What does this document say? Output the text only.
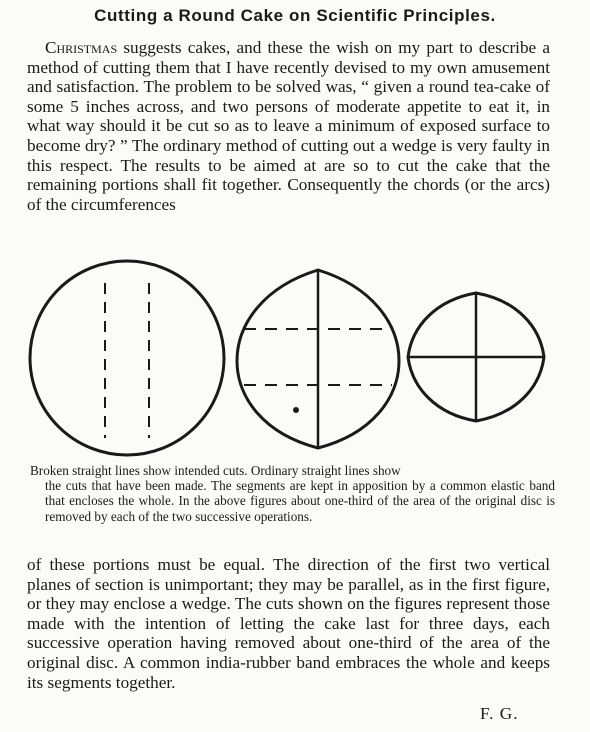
Cutting a Round Cake on Scientific Principles.

Christmas suggests cakes, and these the wish on my part to describe a method of cutting them that I have recently devised to my own amusement and satisfaction. The problem to be solved was, “ given a round tea-cake of some 5 inches across, and two persons of moderate appetite to eat it, in what way should it be cut so as to leave a minimum of exposed surface to become dry? ” The ordinary method of cutting out a wedge is very faulty in this respect. The results to be aimed at are so to cut the cake that the remaining portions shall fit together. Consequently the chords (or the arcs) of the circumferences

Broken straight lines show intended cuts. Ordinary straight lines show
the cuts that have been made. The segments are kept in apposition by a common elastic band that encloses the whole. In the above figures about one-third of the area of the original disc is removed by each of the two successive operations.

of these portions must be equal. The direction of the first two vertical planes of section is unimportant; they may be parallel, as in the first figure, or they may enclose a wedge. The cuts shown on the figures represent those made with the intention of letting the cake last for three days, each successive operation having removed about one-third of the area of the original disc. A common india-rubber band embraces the whole and keeps its segments together.

F. G.
